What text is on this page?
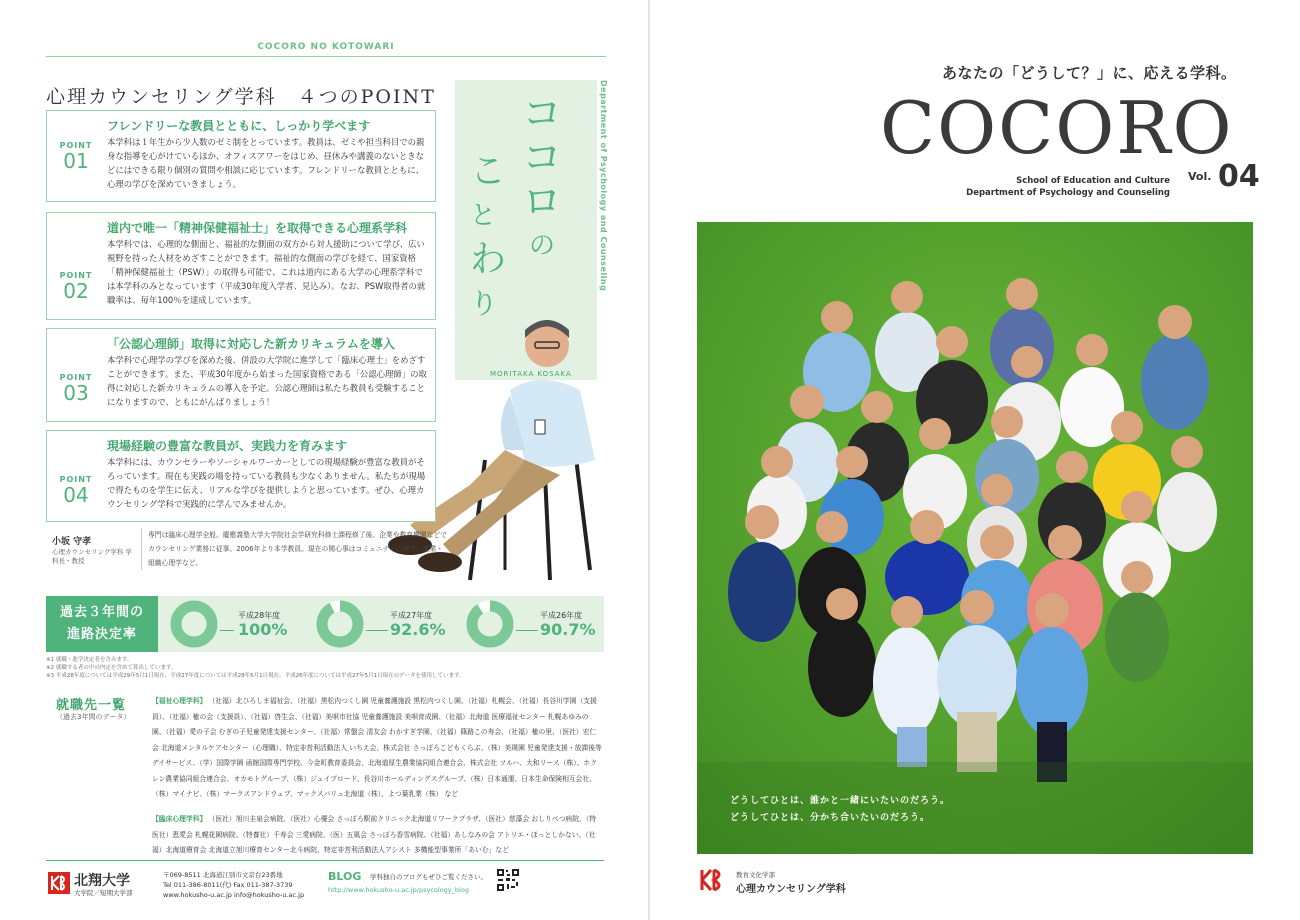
COCORO NO KOTOWARI
心理カウンセリング学科　４つのPOINT コ
コ
ロ
の
こ
と
わ
り
Department of Psychology and Counseling
MORITAKA KOSAKA
POINT
01
フレンドリーな教員とともに、しっかり学べます
本学科は１年生から少人数のゼミ制をとっています。教員は、ゼミや担当科目での親身な指導を心がけているほか、オフィスアワーをはじめ、昼休みや講義のないときなどにはできる限り個別の質問や相談に応じています。フレンドリーな教員とともに、心理の学びを深めていきましょう。
POINT
02
道内で唯一「精神保健福祉士」を取得できる心理系学科
本学科では、心理的な側面と、福祉的な側面の双方から対人援助について学び、広い視野を持った人材をめざすことができます。福祉的な側面の学びを経て、国家資格「精神保健福祉士（PSW）」の取得も可能で、これは道内にある大学の心理系学科では本学科のみとなっています（平成30年度入学者、見込み）。なお、PSW取得者の就職率は、毎年100％を達成しています。
POINT
03
「公認心理師」取得に対応した新カリキュラムを導入
本学科で心理学の学びを深めた後、併設の大学院に進学して「臨床心理士」をめざすことができます。また、平成30年度から始まった国家資格である「公認心理師」の取得に対応した新カリキュラムの導入を予定。公認心理師は私たち教員も受験することになりますので、ともにがんばりましょう！
POINT
04
現場経験の豊富な教員が、実践力を育みます
本学科には、カウンセラーやソーシャルワーカーとしての現場経験が豊富な教員がそろっています。現在も実践の場を持っている教員も少なくありません。私たちが現場で得たものを学生に伝え、リアルな学びを提供しようと思っています。ぜひ、心理カウンセリング学科で実践的に学んでみませんか。
小坂 守孝
心理カウンセリング学科 学科長・教授
専門は臨床心理学全般。慶應義塾大学大学院社会学研究科修士課程修了後、企業や教育機関などでカウンセリング業務に従事。2006年より本学教員。現在の関心事はコミュニティ心理学、産業・組織心理学など。
過去３年間の
進路決定率
平成28年度
100%
平成27年度
92.6%
平成26年度
90.7%
※1 就職・進学決定者を含みます。
※2 就職する者の中の内定を含めて算出しています。
※3 平成28年度については平成29年5月1日現在、平成27年度については平成28年5月1日現在、平成26年度については平成27年5月1日現在のデータを使用しています。
就職先一覧
（過去3年間のデータ）
【福祉心理学科】 （社福）北ひろしま福祉会、（社福）黒松内つくし園 児童養護施設 黒松内つくし園、（社福）札幌会、（社福）長谷川学園（支援員）、（社福）楡の会（支援員）、（社福）啓生会、（社福）美唄市社協 児童養護施設 美唄育成園、（社福）北海道 医療福祉センター 札幌あゆみの園、（社福）愛の子会 むぎの子児童発達支援センター、（社福）常盤会 清友会 わかすぎ学園、（社福）篠路この寿会、（社福）楡の里、（医社）宏仁会 北海道メンタルケアセンター（心理職）、特定非営利活動法人 いちえ会、株式会社 さっぽろこどもくらぶ、（株）美瑛園 児童発達支援・放課後等デイサービス、（学）国際学園 函館国際専門学校、今金町教育委員会、北海道厚生農業協同組合連合会、株式会社 ツルハ、大和リース（株）、ホクレン農業協同組合連合会、オカモトグループ、（株）ジェイブロード、長谷川ホールディングスグループ、（株）日本通運、日本生命保険相互会社、（株）マイナビ、（株）マークスアンドウェブ、マックスバリュ北海道（株）、よつ葉乳業（株） など
【臨床心理学科】 （医社）旭川圭泉会病院、（医社）心優会 さっぽろ駅前クリニック北海道リワークプラザ、（医社）慈藻会 おしりべつ病院、（特医社）恵愛会 札幌花園病院、（特養社）千寿会 三愛病院、（医）五風会 さっぽろ香雪病院、（社福）あしなみの会 アトリエ・ほっとしかない、（社福）北海道療育会 北海道立旭川療育センター北斗病院、特定非営利活動法人アシスト 多機能型事業所「あいむ」など
北翔大学
大学院／短期大学部
〒069-8511 北海道江別市文京台23番地
Tel 011-386-8011(代) Fax 011-387-3739
www.hokusho-u.ac.jp info@hokusho-u.ac.jp
BLOG 学科独自のブログもぜひご覧ください。
http://www.hokusho-u.ac.jp/psycology_blog
あなたの「どうして？」に、応える学科。
COCORO
School of Education and Culture
Department of Psychology and Counseling
Vol. 04
どうしてひとは、誰かと一緒にいたいのだろう。
どうしてひとは、分かち合いたいのだろう。
教育文化学部
心理カウンセリング学科
